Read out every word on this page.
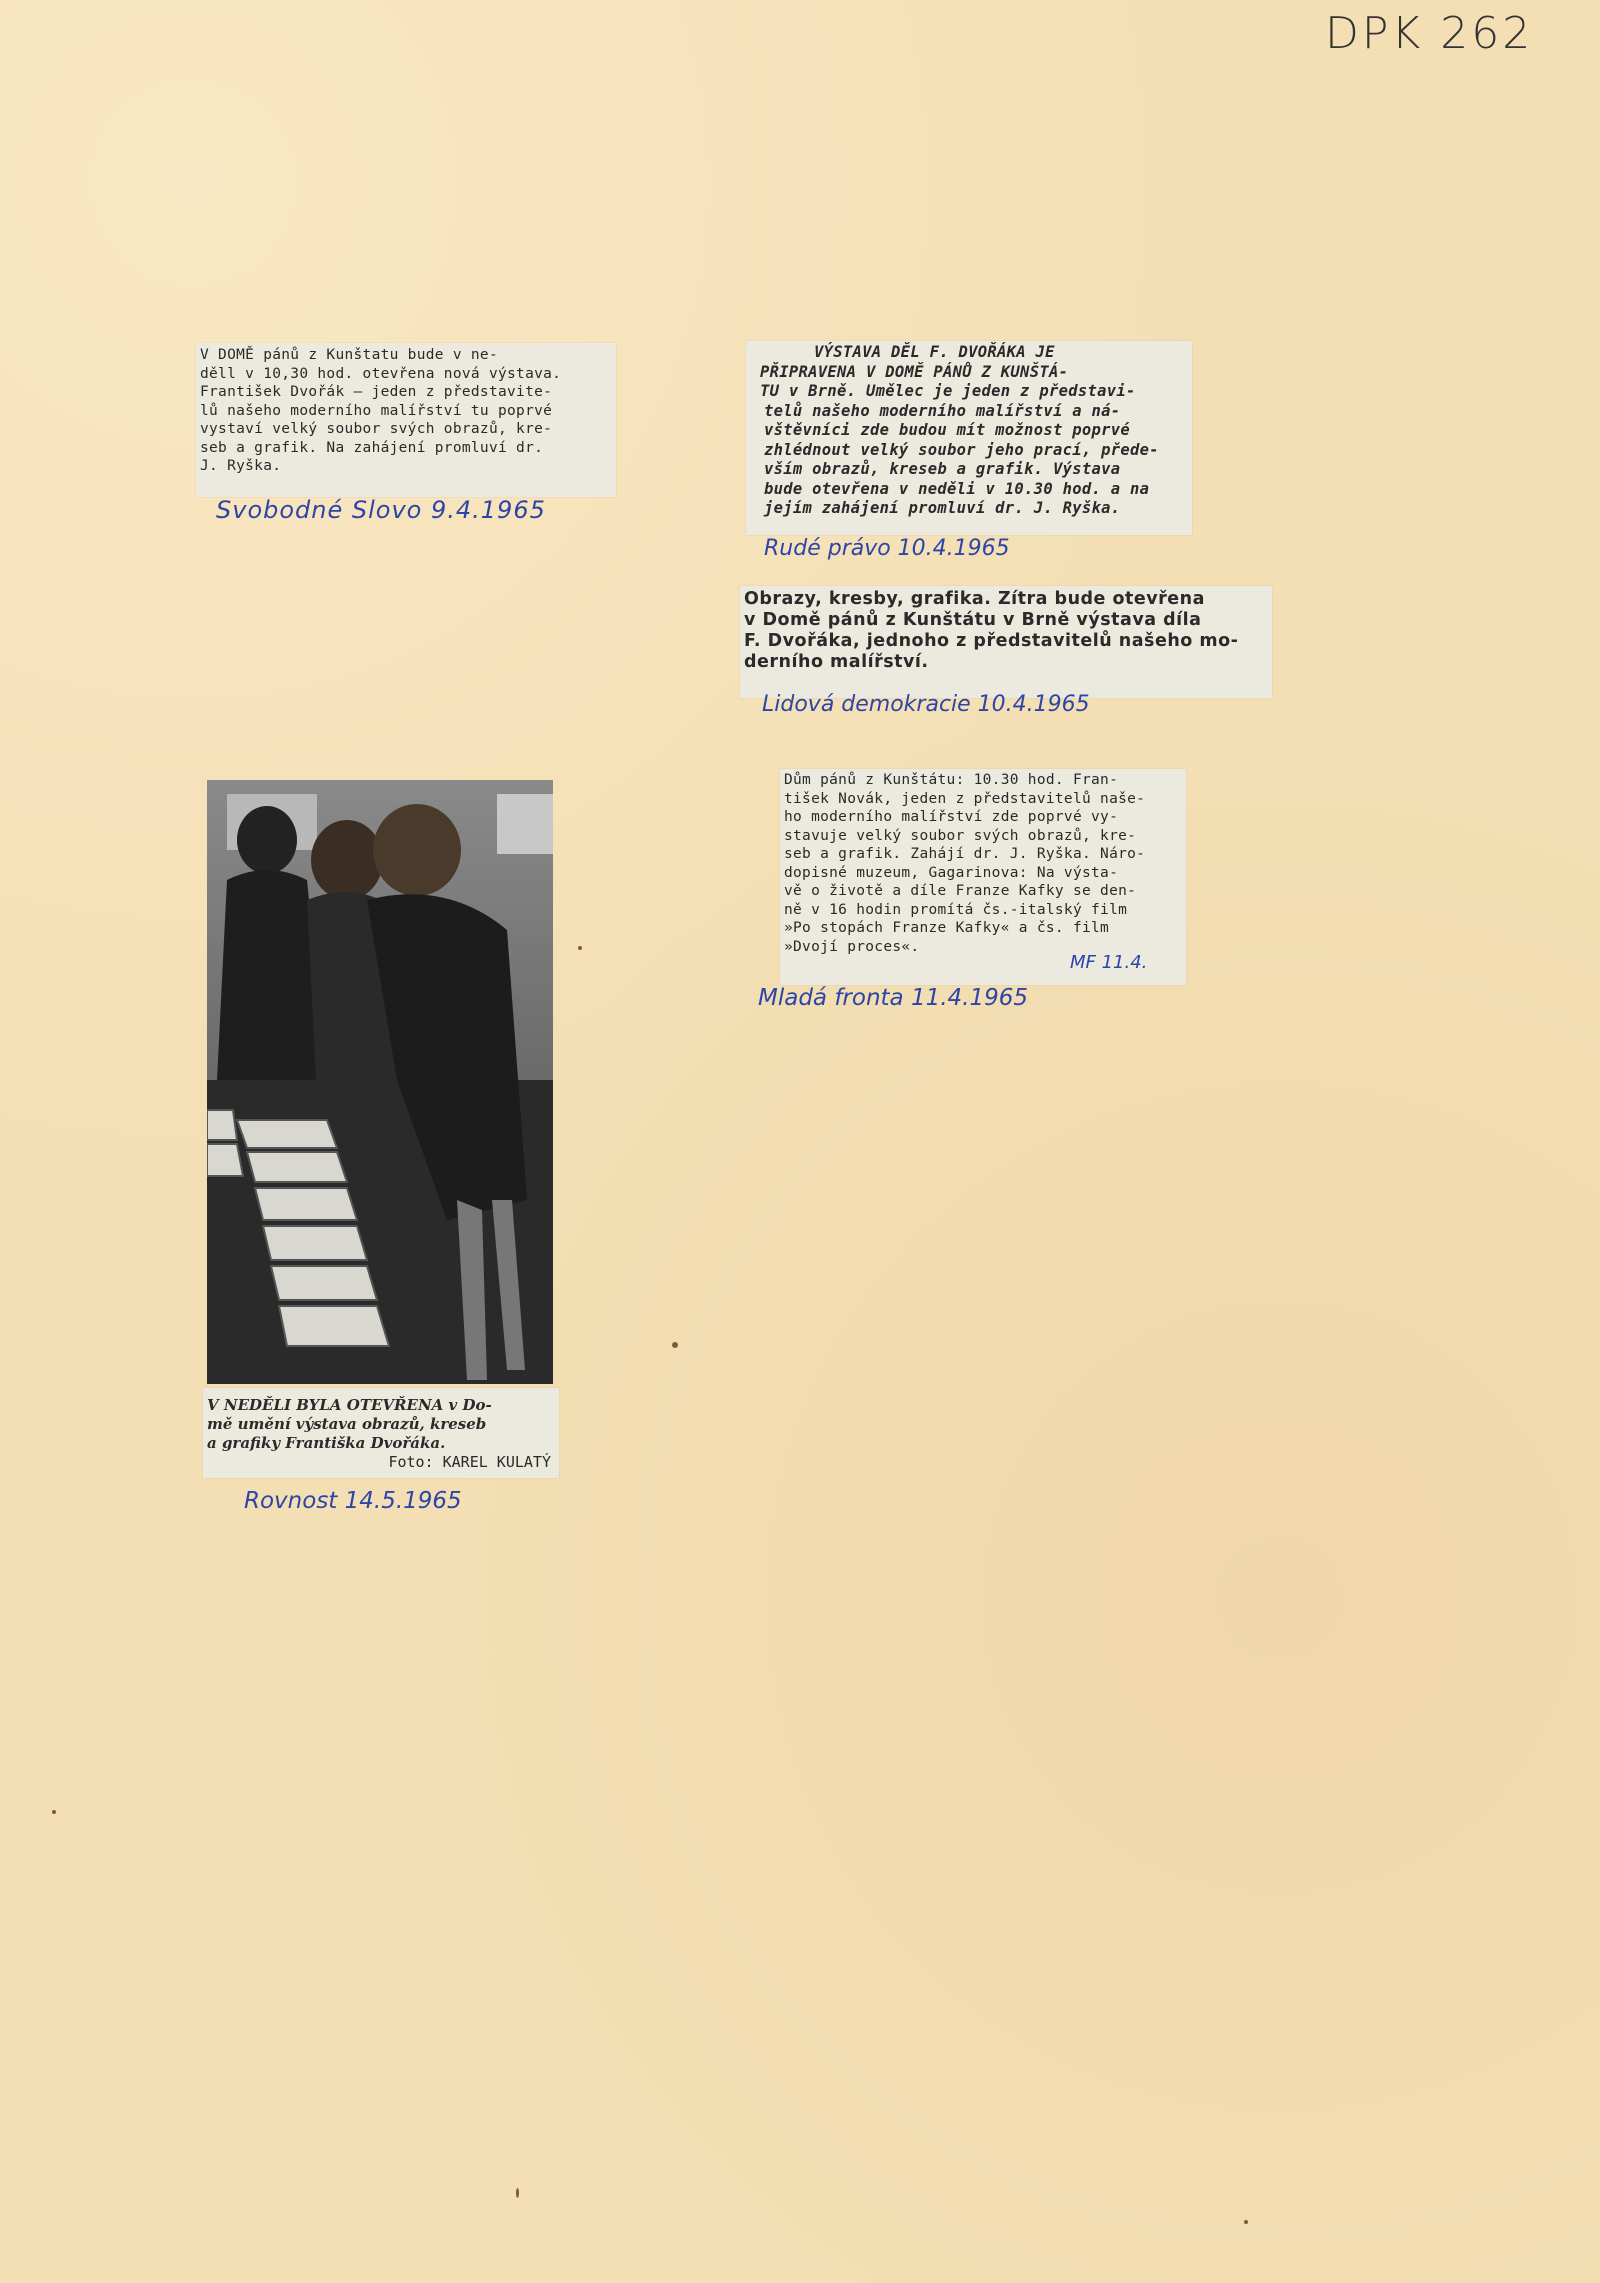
DPK 262
V DOMĚ pánů z Kunštatu bude v ne-
děll v 10,30 hod. otevřena nová výstava.
František Dvořák — jeden z představite-
lů našeho moderního malířství tu poprvé
vystaví velký soubor svých obrazů, kre-
seb a grafik. Na zahájení promluví dr.
J. Ryška.
Svobodné Slovo 9.4.1965
VÝSTAVA DĚL F. DVOŘÁKA JE
PŘIPRAVENA V DOMĚ PÁNŮ Z KUNŠTÁ-
TU v Brně. Umělec je jeden z představi-
telů našeho moderního malířství a ná-
vštěvníci zde budou mít možnost poprvé
zhlédnout velký soubor jeho prací, přede-
vším obrazů, kreseb a grafik. Výstava
bude otevřena v neděli v 10.30 hod. a na
jejím zahájení promluví dr. J. Ryška.
Rudé právo 10.4.1965
Obrazy, kresby, grafika. Zítra bude otevřena
v Domě pánů z Kunštátu v Brně výstava díla
F. Dvořáka, jednoho z představitelů našeho mo-
derního malířství.
Lidová demokracie 10.4.1965
Dům pánů z Kunštátu: 10.30 hod. Fran-
tišek Novák, jeden z představitelů naše-
ho moderního malířství zde poprvé vy-
stavuje velký soubor svých obrazů, kre-
seb a grafik. Zahájí dr. J. Ryška. Náro-
dopisné muzeum, Gagarinova: Na výsta-
vě o životě a díle Franze Kafky se den-
ně v 16 hodin promítá čs.-italský film
»Po stopách Franze Kafky« a čs. film
»Dvojí proces«.
MF 11.4.
Mladá fronta 11.4.1965
V NEDĚLI BYLA OTEVŘENA v Do-
mě umění výstava obrazů, kreseb
a grafiky Františka Dvořáka.
Foto: KAREL KULATÝ
Rovnost 14.5.1965
